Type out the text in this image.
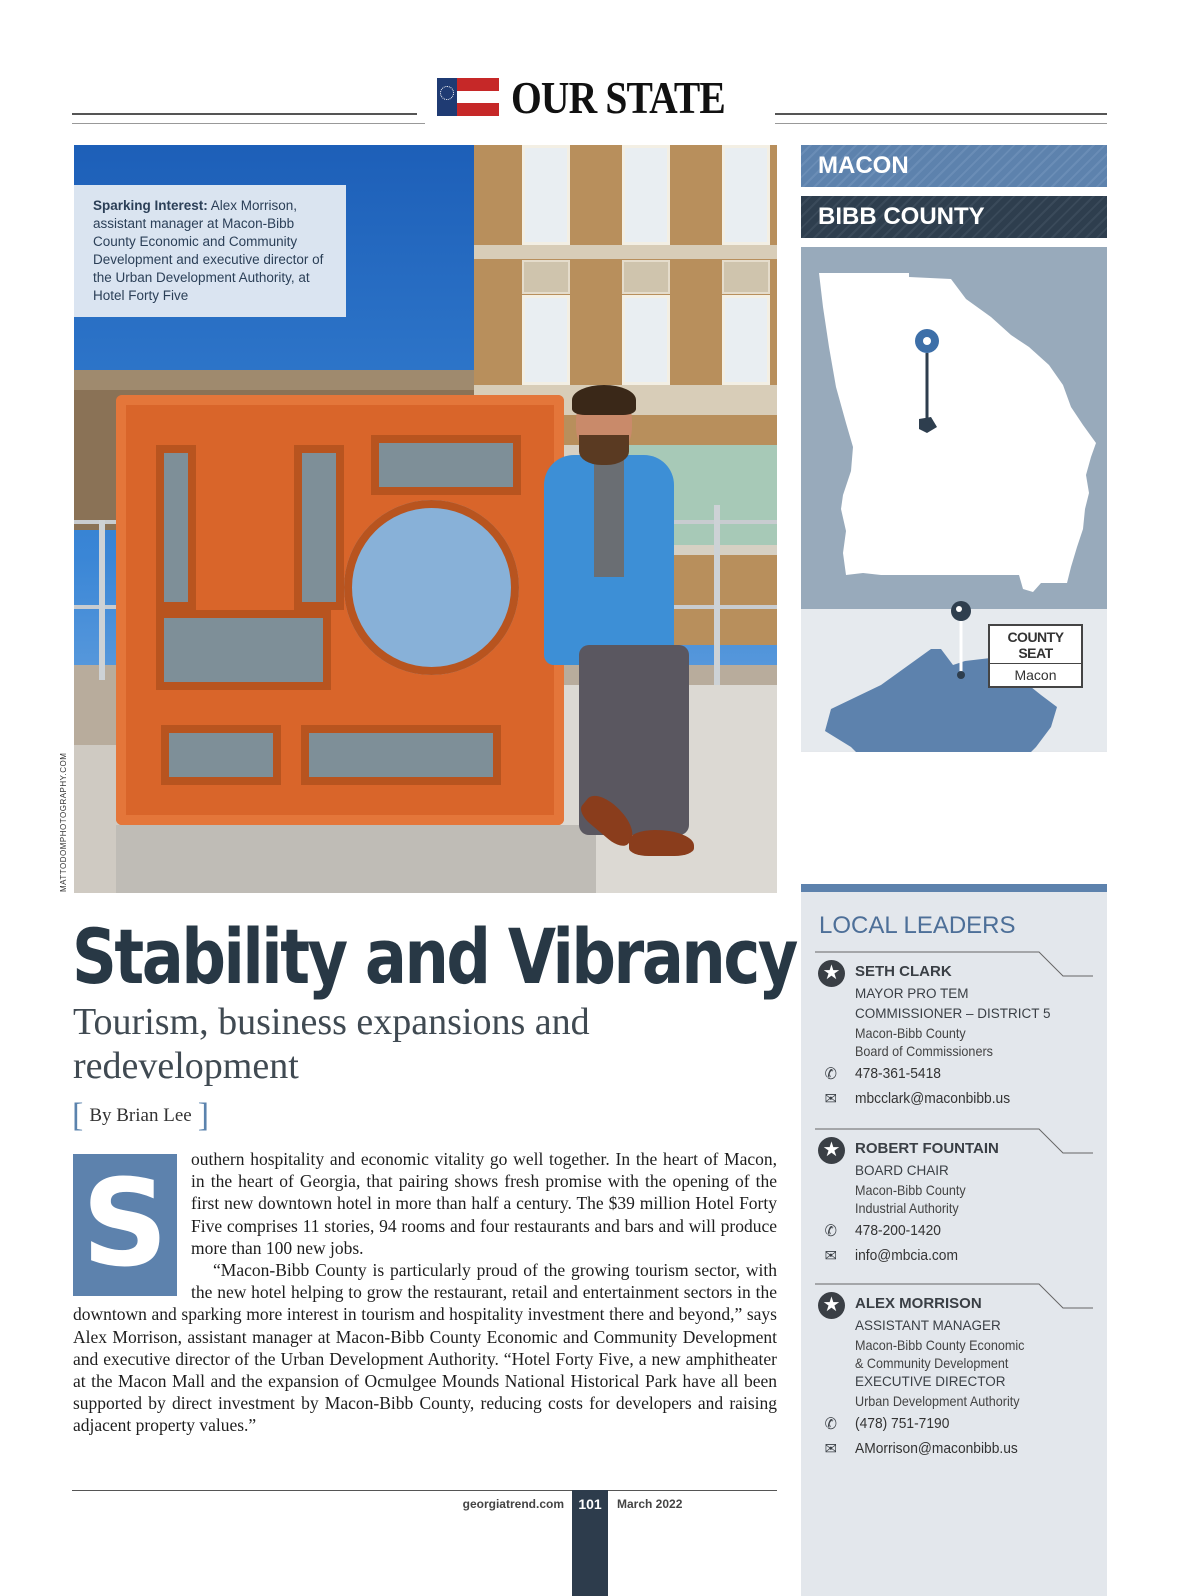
OUR STATE
Sparking Interest: Alex Morrison, assistant manager at Macon-Bibb County Economic and Community Development and executive director of the Urban Development Authority, at Hotel Forty Five
MATTODOMPHOTOGRAPHY.COM
Stability and Vibrancy
Tourism, business expansions and redevelopment
[ By Brian Lee ]
S	outhern hospitality and economic vitality go well together. In the heart of Macon, in the heart of Georgia, that pairing shows fresh promise with the opening of the first new downtown hotel in more than half a century. The $39 million Hotel Forty Five comprises 11 stories, 94 rooms and four restaurants and bars and will produce more than 100 new jobs.

“Macon-Bibb County is particularly proud of the growing tourism sector, with the new hotel helping to grow the restaurant, retail and entertainment sectors in the downtown and sparking more interest in tourism and hospitality investment there and beyond,” says Alex Morrison, assistant manager at Macon-Bibb County Economic and Community Development and executive director of the Urban Development Authority. “Hotel Forty Five, a new amphitheater at the Macon Mall and the expansion of Ocmulgee Mounds National Historical Park have all been supported by direct investment by Macon-Bibb County, reducing costs for developers and raising adjacent property values.”

georgiatrend.com	101	March 2022
MACON
BIBB COUNTY
COUNTY SEAT
Macon
LOCAL LEADERS
★ SETH CLARK
MAYOR PRO TEM
COMMISSIONER – DISTRICT 5
Macon-Bibb County
Board of Commissioners
✆	478-361-5418
✉	mbcclark@maconbibb.us
★ ROBERT FOUNTAIN
BOARD CHAIR
Macon-Bibb County
Industrial Authority
✆	478-200-1420
✉	info@mbcia.com
★ ALEX MORRISON
ASSISTANT MANAGER
Macon-Bibb County Economic
& Community Development
EXECUTIVE DIRECTOR
Urban Development Authority
✆	(478) 751-7190
✉	AMorrison@maconbibb.us
